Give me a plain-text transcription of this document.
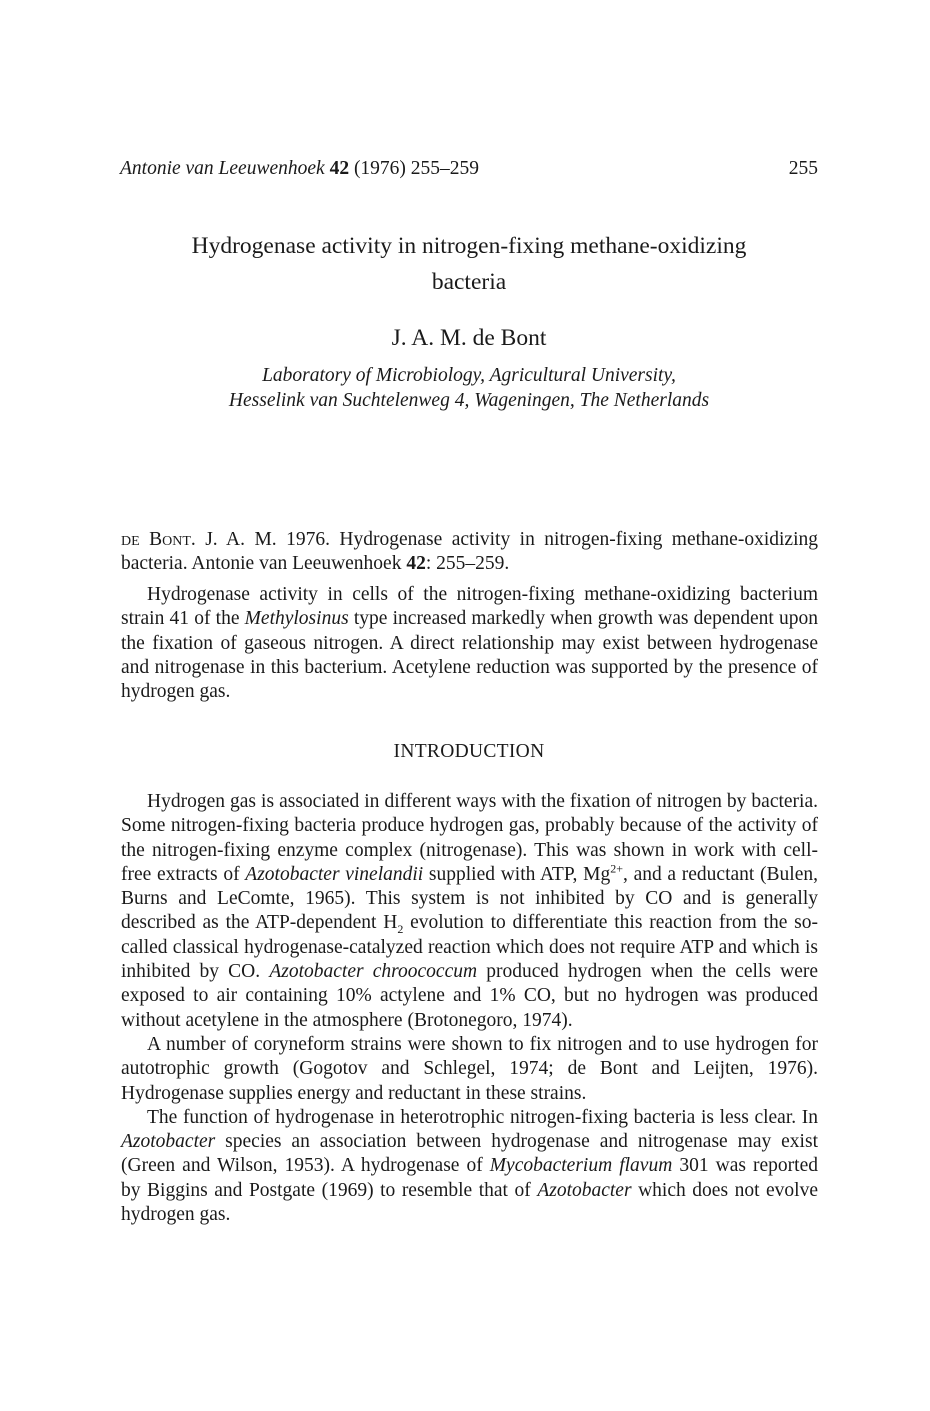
Antonie van Leeuwenhoek 42 (1976) 255–259	255
Hydrogenase activity in nitrogen-fixing methane-oxidizing
bacteria
J. A. M. de Bont
Laboratory of Microbiology, Agricultural University,
Hesselink van Suchtelenweg 4, Wageningen, The Netherlands

de Bont. J. A. M. 1976. Hydrogenase activity in nitrogen-fixing methane-oxidizing bacteria. Antonie van Leeuwenhoek 42: 255–259.

Hydrogenase activity in cells of the nitrogen-fixing methane-oxidizing bacterium strain 41 of the Methylosinus type increased markedly when growth was dependent upon the fixation of gaseous nitrogen. A direct relationship may exist between hydrogenase and nitrogenase in this bacterium. Acetylene reduction was supported by the presence of hydrogen gas.

INTRODUCTION

Hydrogen gas is associated in different ways with the fixation of nitrogen by bacteria. Some nitrogen-fixing bacteria produce hydrogen gas, probably because of the activity of the nitrogen-fixing enzyme complex (nitrogenase). This was shown in work with cell-free extracts of Azotobacter vinelandii supplied with ATP, $Mg^{2+}$, and a reductant (Bulen, Burns and LeComte, 1965). This system is not inhibited by CO and is generally described as the ATP-dependent $H_2$ evolution to differentiate this reaction from the so-called classical hydrogenase-catalyzed reaction which does not require ATP and which is inhibited by CO. Azotobacter chroococcum produced hydrogen when the cells were exposed to air containing 10% actylene and 1% CO, but no hydrogen was produced without acetylene in the atmosphere (Brotonegoro, 1974).

A number of coryneform strains were shown to fix nitrogen and to use hydrogen for autotrophic growth (Gogotov and Schlegel, 1974; de Bont and Leijten, 1976). Hydrogenase supplies energy and reductant in these strains.

The function of hydrogenase in heterotrophic nitrogen-fixing bacteria is less clear. In Azotobacter species an association between hydrogenase and nitrogenase may exist (Green and Wilson, 1953). A hydrogenase of Mycobacterium flavum 301 was reported by Biggins and Postgate (1969) to resemble that of Azotobacter which does not evolve hydrogen gas.
